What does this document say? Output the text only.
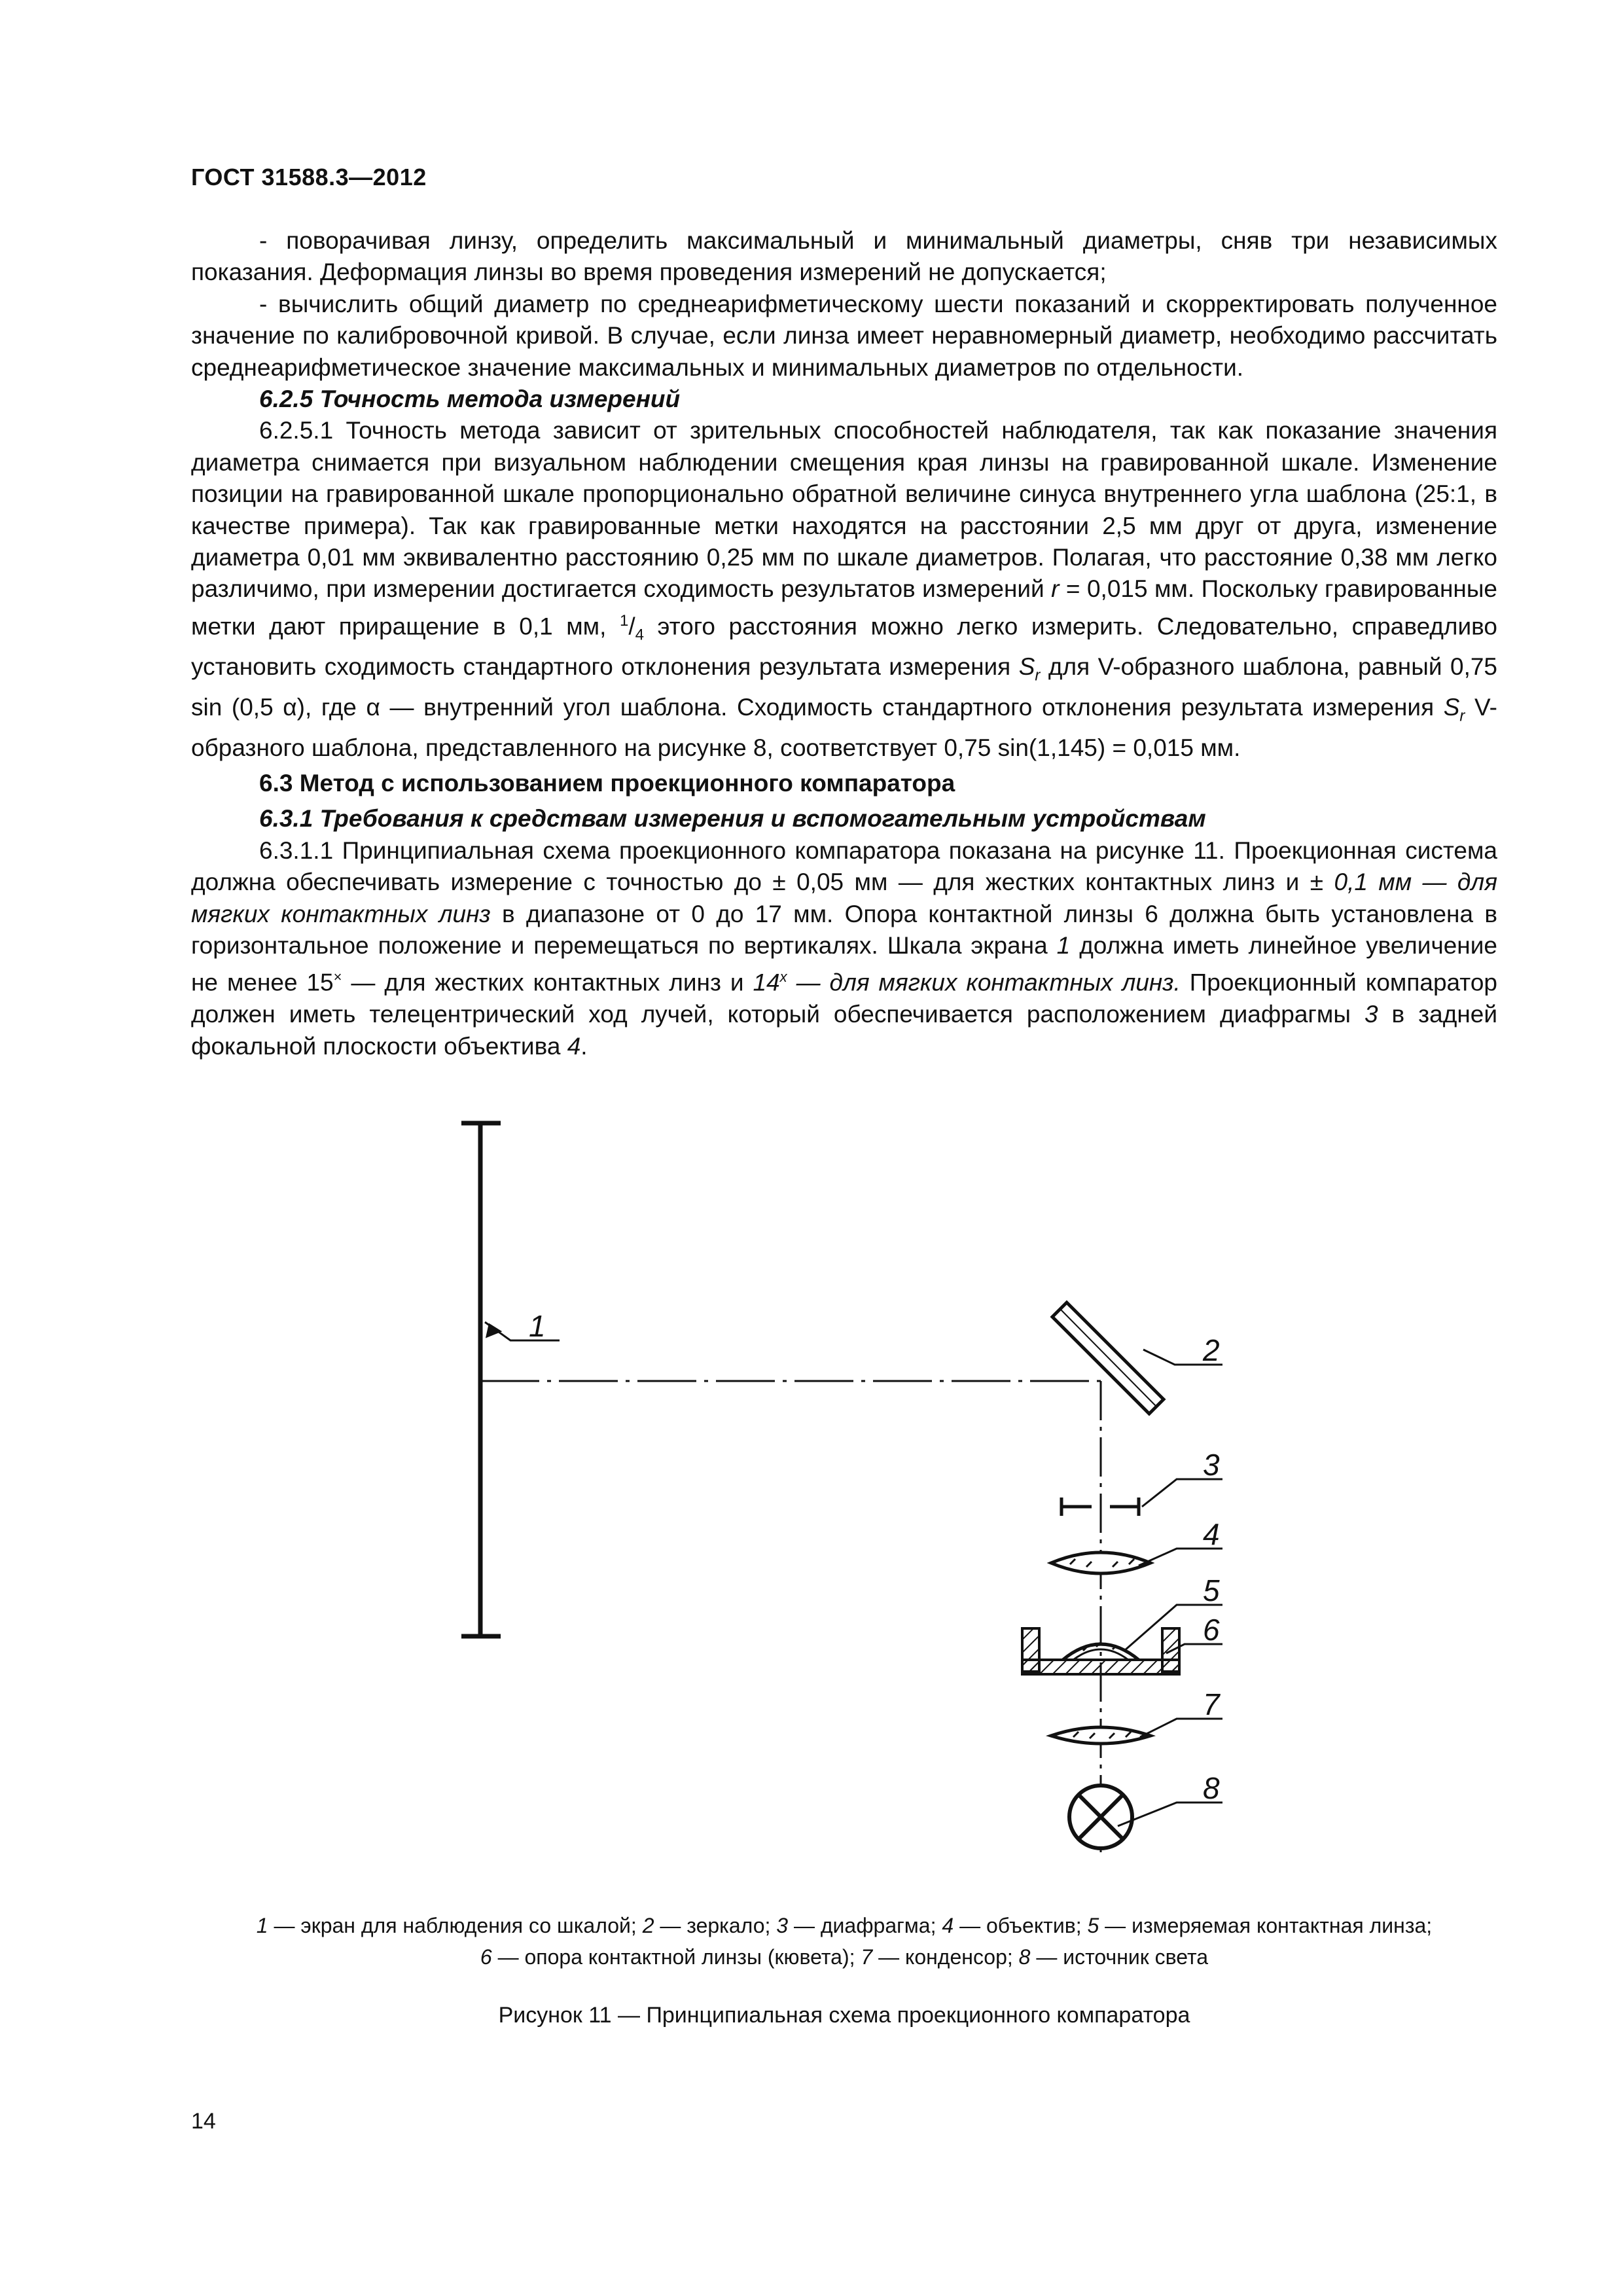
ГОСТ 31588.3—2012

- поворачивая линзу, определить максимальный и минимальный диаметры, сняв три независимых показания. Деформация линзы во время проведения измерений не допускается;

- вычислить общий диаметр по среднеарифметическому шести показаний и скорректировать полученное значение по калибровочной кривой. В случае, если линза имеет неравномерный диаметр, необходимо рассчитать среднеарифметическое значение максимальных и минимальных диаметров по отдельности.

6.2.5 Точность метода измерений

6.2.5.1 Точность метода зависит от зрительных способностей наблюдателя, так как показание значения диаметра снимается при визуальном наблюдении смещения края линзы на гравированной шкале. Изменение позиции на гравированной шкале пропорционально обратной величине синуса внутреннего угла шаблона (25:1, в качестве примера). Так как гравированные метки находятся на расстоянии 2,5 мм друг от друга, изменение диаметра 0,01 мм эквивалентно расстоянию 0,25 мм по шкале диаметров. Полагая, что расстояние 0,38 мм легко различимо, при измерении достигается сходимость результатов измерений r = 0,015 мм. Поскольку гравированные метки дают приращение в 0,1 мм, $^1/_4$ этого расстояния можно легко измерить. Следовательно, справедливо установить сходимость стандартного отклонения результата измерения $S_r$ для V-образного шаблона, равный 0,75 sin (0,5 α), где α — внутренний угол шаблона. Сходимость стандартного отклонения результата измерения $S_r$ V-образного шаблона, представленного на рисунке 8, соответствует 0,75 sin(1,145) = 0,015 мм.

6.3 Метод с использованием проекционного компаратора

6.3.1 Требования к средствам измерения и вспомогательным устройствам

6.3.1.1 Принципиальная схема проекционного компаратора показана на рисунке 11. Проекционная система должна обеспечивать измерение с точностью до ± 0,05 мм — для жестких контактных линз и ± 0,1 мм — для мягких контактных линз в диапазоне от 0 до 17 мм. Опора контактной линзы 6 должна быть установлена в горизонтальное положение и перемещаться по вертикалях. Шкала экрана 1 должна иметь линейное увеличение не менее 15× — для жестких контактных линз и 14$^x$ — для мягких контактных линз. Проекционный компаратор должен иметь телецентрический ход лучей, который обеспечивается расположением диафрагмы 3 в задней фокальной плоскости объектива 4.

1
2
3
4
5
6
7
8
1 — экран для наблюдения со шкалой; 2 — зеркало; 3 — диафрагма; 4 — объектив; 5 — измеряемая контактная линза;
6 — опора контактной линзы (кювета); 7 — конденсор; 8 — источник света
Рисунок 11 — Принципиальная схема проекционного компаратора
14
